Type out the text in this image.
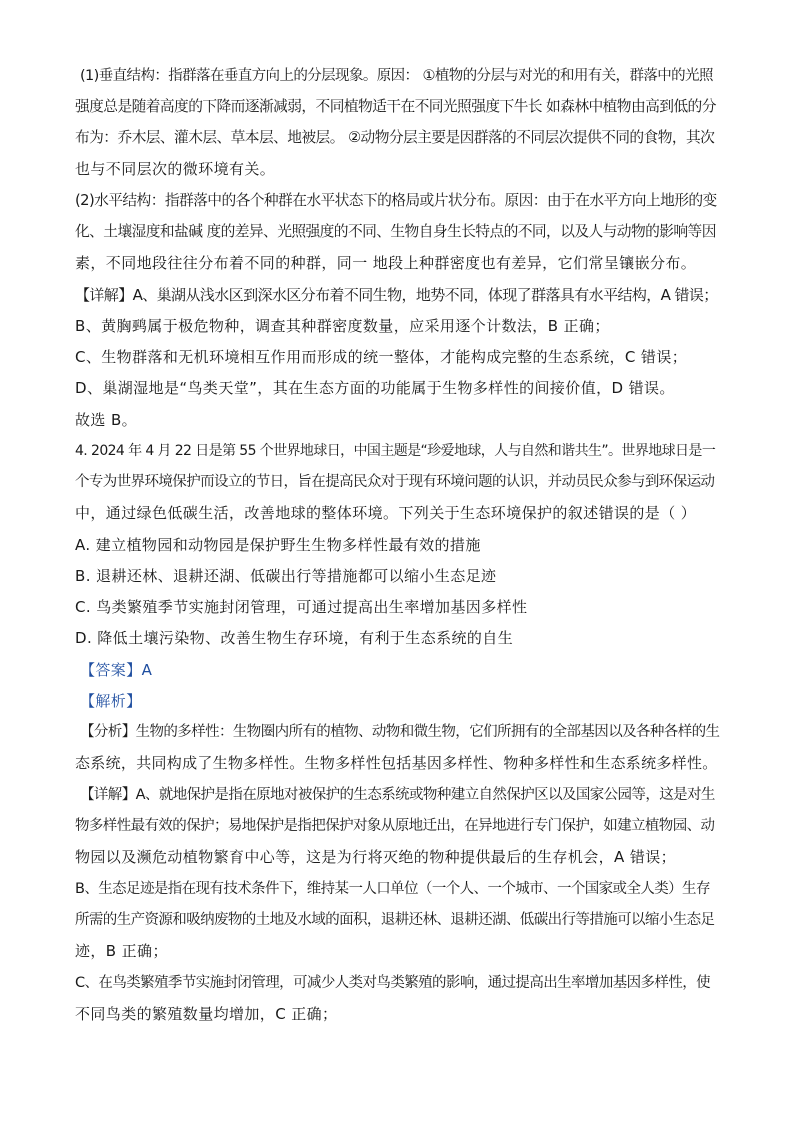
(1)垂直结构：指群落在垂直方向上的分层现象。原因： ①植物的分层与对光的和用有关，群落中的光照
强度总是随着高度的下降而逐渐减弱，不同植物适干在不同光照强度下牛长 如森林中植物由高到低的分
布为：乔木层、灌木层、草本层、地被层。 ②动物分层主要是因群落的不同层次提供不同的食物，其次
也与不同层次的微环境有关。
(2)水平结构：指群落中的各个种群在水平状态下的格局或片状分布。原因：由于在水平方向上地形的变
化、土壤湿度和盐碱 度的差异、光照强度的不同、生物自身生长特点的不同，以及人与动物的影响等因
素，不同地段往往分布着不同的种群，同一 地段上种群密度也有差异，它们常呈镶嵌分布。
【详解】A、巢湖从浅水区到深水区分布着不同生物，地势不同，体现了群落具有水平结构，A 错误；
B、黄胸鹀属于极危物种，调查其种群密度数量，应采用逐个计数法，B 正确；
C、生物群落和无机环境相互作用而形成的统一整体，才能构成完整的生态系统，C 错误；
D、巢湖湿地是“鸟类天堂”，其在生态方面的功能属于生物多样性的间接价值，D 错误。
故选 B。
4. 2024 年 4 月 22 日是第 55 个世界地球日，中国主题是“珍爱地球，人与自然和谐共生”。世界地球日是一
个专为世界环境保护而设立的节日，旨在提高民众对于现有环境问题的认识，并动员民众参与到环保运动
中，通过绿色低碳生活，改善地球的整体环境。下列关于生态环境保护的叙述错误的是（ ）
A. 建立植物园和动物园是保护野生生物多样性最有效的措施
B. 退耕还林、退耕还湖、低碳出行等措施都可以缩小生态足迹
C. 鸟类繁殖季节实施封闭管理，可通过提高出生率增加基因多样性
D. 降低土壤污染物、改善生物生存环境，有利于生态系统的自生
【答案】A
【解析】
【分析】生物的多样性：生物圈内所有的植物、动物和微生物，它们所拥有的全部基因以及各种各样的生
态系统，共同构成了生物多样性。生物多样性包括基因多样性、物种多样性和生态系统多样性。
【详解】A、就地保护是指在原地对被保护的生态系统或物种建立自然保护区以及国家公园等，这是对生
物多样性最有效的保护；易地保护是指把保护对象从原地迁出，在异地进行专门保护，如建立植物园、动
物园以及濒危动植物繁育中心等，这是为行将灭绝的物种提供最后的生存机会，A 错误；
B、生态足迹是指在现有技术条件下，维持某一人口单位（一个人、一个城市、一个国家或全人类）生存
所需的生产资源和吸纳废物的土地及水域的面积，退耕还林、退耕还湖、低碳出行等措施可以缩小生态足
迹，B 正确；
C、在鸟类繁殖季节实施封闭管理，可减少人类对鸟类繁殖的影响，通过提高出生率增加基因多样性，使
不同鸟类的繁殖数量均增加，C 正确；
